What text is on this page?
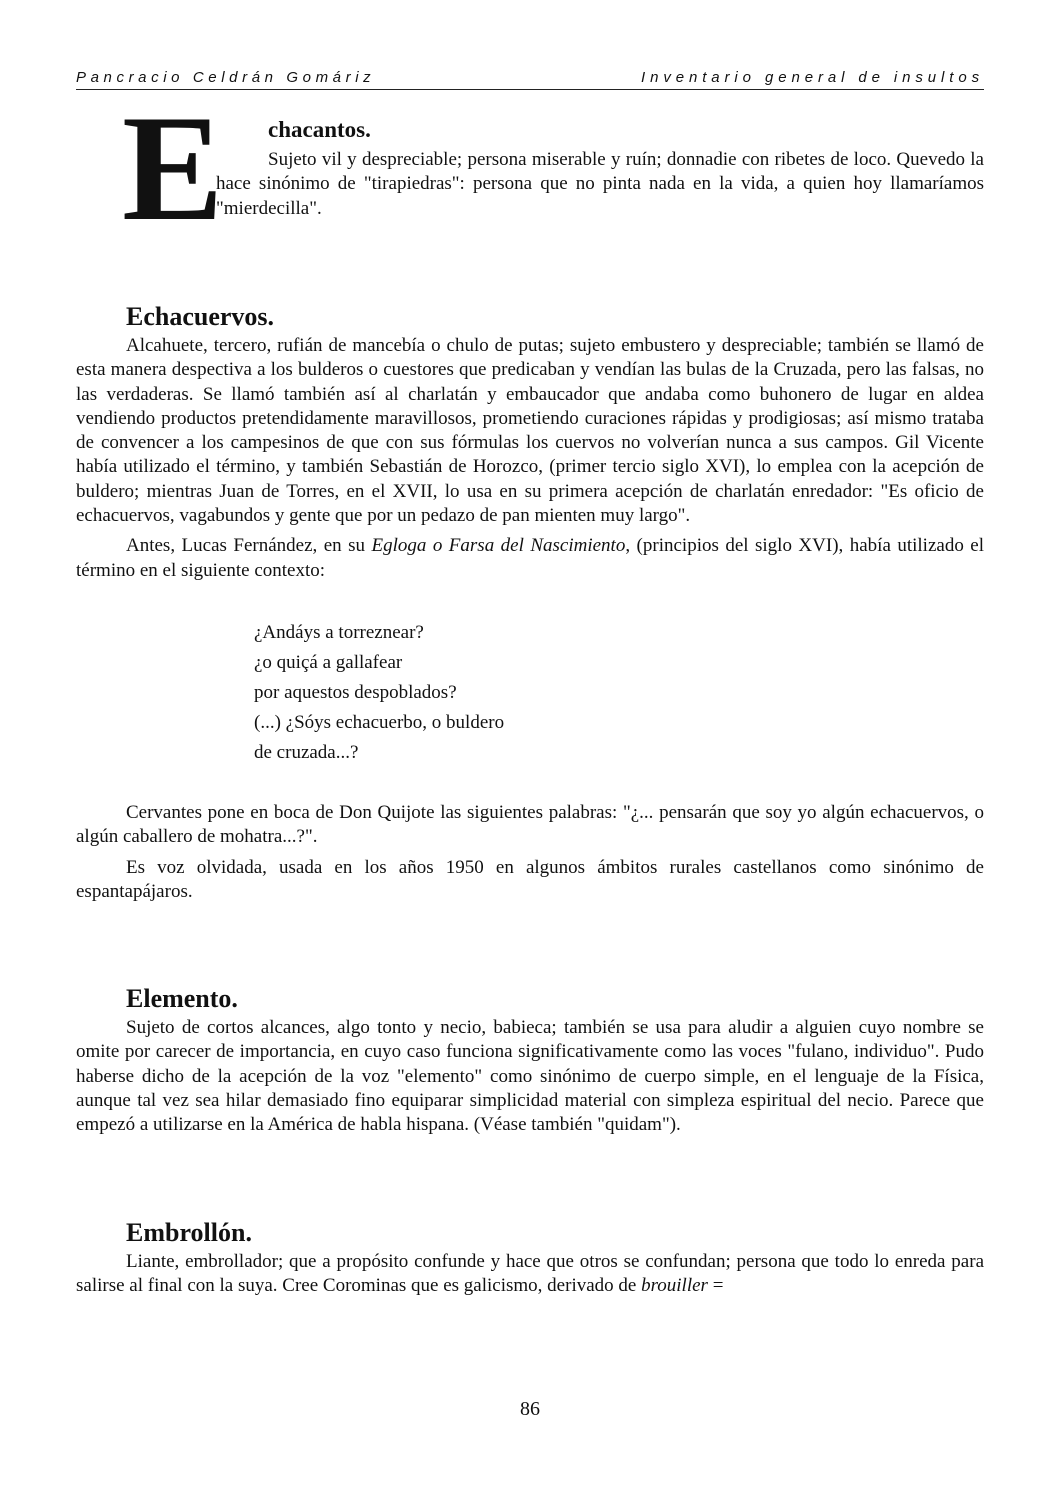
Pancracio Celdrán Gomáriz	Inventario general de insultos
E chacantos.
Sujeto vil y despreciable; persona miserable y ruín; donnadie con ribetes de loco. Quevedo la hace sinónimo de "tirapiedras": persona que no pinta nada en la vida, a quien hoy llamaríamos "mierdecilla".
Echacuervos.

Alcahuete, tercero, rufián de mancebía o chulo de putas; sujeto embustero y despreciable; también se llamó de esta manera despectiva a los bulderos o cuestores que predicaban y vendían las bulas de la Cruzada, pero las falsas, no las verdaderas. Se llamó también así al charlatán y embaucador que andaba como buhonero de lugar en aldea vendiendo productos pretendidamente maravillosos, prometiendo curaciones rápidas y prodigiosas; así mismo trataba de convencer a los campesinos de que con sus fórmulas los cuervos no volverían nunca a sus campos. Gil Vicente había utilizado el término, y también Sebastián de Horozco, (primer tercio siglo XVI), lo emplea con la acepción de buldero; mientras Juan de Torres, en el XVII, lo usa en su primera acepción de charlatán enredador: "Es oficio de echacuervos, vagabundos y gente que por un pedazo de pan mienten muy largo".

Antes, Lucas Fernández, en su Egloga o Farsa del Nascimiento, (principios del siglo XVI), había utilizado el término en el siguiente contexto:

¿Andáys a torreznear?
¿o quiçá a gallafear
por aquestos despoblados?
(...) ¿Sóys echacuerbo, o buldero
de cruzada...?

Cervantes pone en boca de Don Quijote las siguientes palabras: "¿... pensarán que soy yo algún echacuervos, o algún caballero de mohatra...?".

Es voz olvidada, usada en los años 1950 en algunos ámbitos rurales castellanos como sinónimo de espantapájaros.

Elemento.

Sujeto de cortos alcances, algo tonto y necio, babieca; también se usa para aludir a alguien cuyo nombre se omite por carecer de importancia, en cuyo caso funciona significativamente como las voces "fulano, individuo". Pudo haberse dicho de la acepción de la voz "elemento" como sinónimo de cuerpo simple, en el lenguaje de la Física, aunque tal vez sea hilar demasiado fino equiparar simplicidad material con simpleza espiritual del necio. Parece que empezó a utilizarse en la América de habla hispana. (Véase también "quidam").

Embrollón.

Liante, embrollador; que a propósito confunde y hace que otros se confundan; persona que todo lo enreda para salirse al final con la suya. Cree Corominas que es galicismo, derivado de brouiller =

86
